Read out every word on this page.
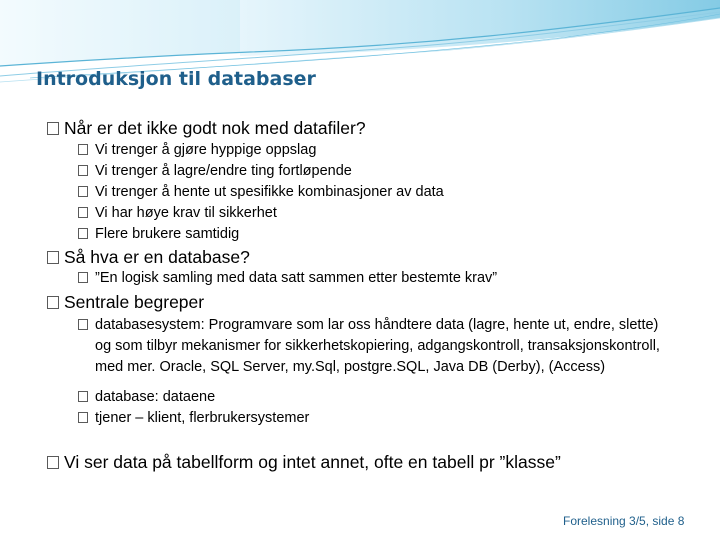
Introduksjon til databaser
Når er det ikke godt nok med datafiler?
Vi trenger å gjøre hyppige oppslag
Vi trenger å lagre/endre ting fortløpende
Vi trenger å hente ut spesifikke kombinasjoner av data
Vi har høye krav til sikkerhet
Flere brukere samtidig
Så hva er en database?
”En logisk samling med data satt sammen etter bestemte krav”
Sentrale begreper
databasesystem: Programvare som lar oss håndtere data (lagre, hente ut, endre, slette) og som tilbyr mekanismer for sikkerhetskopiering, adgangskontroll, transaksjonskontroll, med mer. Oracle, SQL Server, my.Sql, postgre.SQL, Java DB (Derby), (Access)
database: dataene
tjener – klient, flerbrukersystemer
Vi ser data på tabellform og intet annet, ofte en tabell pr ”klasse”
Forelesning 3/5, side 8
